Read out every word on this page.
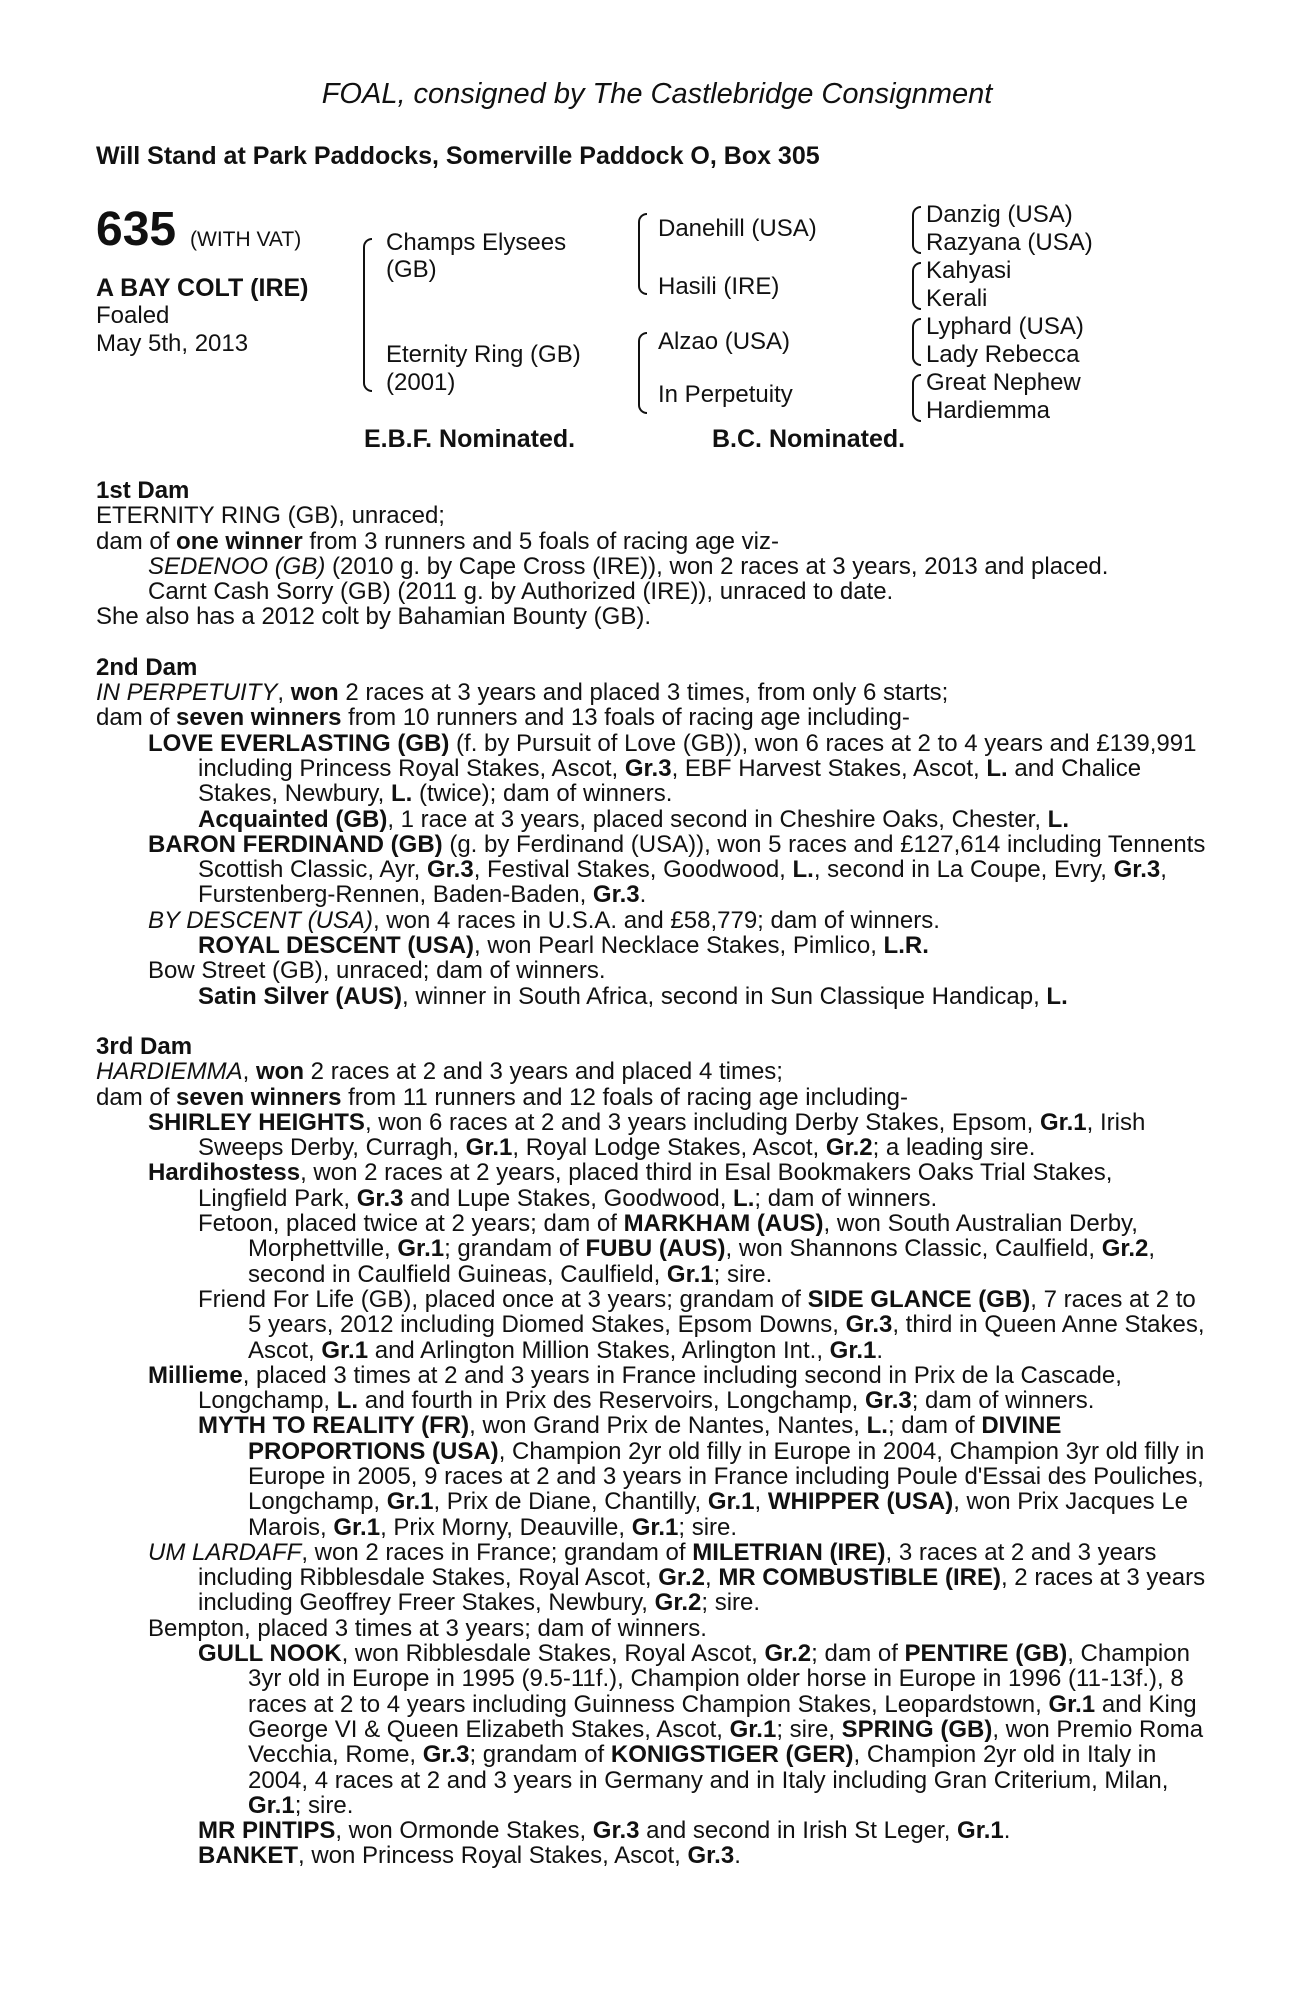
FOAL, consigned by The Castlebridge Consignment
Will Stand at Park Paddocks, Somerville Paddock O, Box 305
635 (WITH VAT)
A BAY COLT (IRE)
Foaled
May 5th, 2013
Champs Elysees
(GB)
Eternity Ring (GB)
(2001)
Danehill (USA)
Hasili (IRE)
Alzao (USA)
In Perpetuity
Danzig (USA)
Razyana (USA)
Kahyasi
Kerali
Lyphard (USA)
Lady Rebecca
Great Nephew
Hardiemma
E.B.F. Nominated.	B.C. Nominated.
1st Dam

ETERNITY RING (GB), unraced;

dam of one winner from 3 runners and 5 foals of racing age viz-

SEDENOO (GB) (2010 g. by Cape Cross (IRE)), won 2 races at 3 years, 2013 and placed.

Carnt Cash Sorry (GB) (2011 g. by Authorized (IRE)), unraced to date.

She also has a 2012 colt by Bahamian Bounty (GB).

2nd Dam

IN PERPETUITY, won 2 races at 3 years and placed 3 times, from only 6 starts;

dam of seven winners from 10 runners and 13 foals of racing age including-

LOVE EVERLASTING (GB) (f. by Pursuit of Love (GB)), won 6 races at 2 to 4 years and £139,991 including Princess Royal Stakes, Ascot, Gr.3, EBF Harvest Stakes, Ascot, L. and Chalice Stakes, Newbury, L. (twice); dam of winners.

Acquainted (GB), 1 race at 3 years, placed second in Cheshire Oaks, Chester, L.

BARON FERDINAND (GB) (g. by Ferdinand (USA)), won 5 races and £127,614 including Tennents Scottish Classic, Ayr, Gr.3, Festival Stakes, Goodwood, L., second in La Coupe, Evry, Gr.3, Furstenberg-Rennen, Baden-Baden, Gr.3.

BY DESCENT (USA), won 4 races in U.S.A. and £58,779; dam of winners.

ROYAL DESCENT (USA), won Pearl Necklace Stakes, Pimlico, L.R.

Bow Street (GB), unraced; dam of winners.

Satin Silver (AUS), winner in South Africa, second in Sun Classique Handicap, L.

3rd Dam

HARDIEMMA, won 2 races at 2 and 3 years and placed 4 times;

dam of seven winners from 11 runners and 12 foals of racing age including-

SHIRLEY HEIGHTS, won 6 races at 2 and 3 years including Derby Stakes, Epsom, Gr.1, Irish Sweeps Derby, Curragh, Gr.1, Royal Lodge Stakes, Ascot, Gr.2; a leading sire.

Hardihostess, won 2 races at 2 years, placed third in Esal Bookmakers Oaks Trial Stakes, Lingfield Park, Gr.3 and Lupe Stakes, Goodwood, L.; dam of winners.

Fetoon, placed twice at 2 years; dam of MARKHAM (AUS), won South Australian Derby, Morphettville, Gr.1; grandam of FUBU (AUS), won Shannons Classic, Caulfield, Gr.2, second in Caulfield Guineas, Caulfield, Gr.1; sire.

Friend For Life (GB), placed once at 3 years; grandam of SIDE GLANCE (GB), 7 races at 2 to 5 years, 2012 including Diomed Stakes, Epsom Downs, Gr.3, third in Queen Anne Stakes, Ascot, Gr.1 and Arlington Million Stakes, Arlington Int., Gr.1.

Millieme, placed 3 times at 2 and 3 years in France including second in Prix de la Cascade, Longchamp, L. and fourth in Prix des Reservoirs, Longchamp, Gr.3; dam of winners.

MYTH TO REALITY (FR), won Grand Prix de Nantes, Nantes, L.; dam of DIVINE PROPORTIONS (USA), Champion 2yr old filly in Europe in 2004, Champion 3yr old filly in Europe in 2005, 9 races at 2 and 3 years in France including Poule d'Essai des Pouliches, Longchamp, Gr.1, Prix de Diane, Chantilly, Gr.1, WHIPPER (USA), won Prix Jacques Le Marois, Gr.1, Prix Morny, Deauville, Gr.1; sire.

UM LARDAFF, won 2 races in France; grandam of MILETRIAN (IRE), 3 races at 2 and 3 years including Ribblesdale Stakes, Royal Ascot, Gr.2, MR COMBUSTIBLE (IRE), 2 races at 3 years including Geoffrey Freer Stakes, Newbury, Gr.2; sire.

Bempton, placed 3 times at 3 years; dam of winners.

GULL NOOK, won Ribblesdale Stakes, Royal Ascot, Gr.2; dam of PENTIRE (GB), Champion 3yr old in Europe in 1995 (9.5-11f.), Champion older horse in Europe in 1996 (11-13f.), 8 races at 2 to 4 years including Guinness Champion Stakes, Leopardstown, Gr.1 and King George VI & Queen Elizabeth Stakes, Ascot, Gr.1; sire, SPRING (GB), won Premio Roma Vecchia, Rome, Gr.3; grandam of KONIGSTIGER (GER), Champion 2yr old in Italy in 2004, 4 races at 2 and 3 years in Germany and in Italy including Gran Criterium, Milan, Gr.1; sire.

MR PINTIPS, won Ormonde Stakes, Gr.3 and second in Irish St Leger, Gr.1.

BANKET, won Princess Royal Stakes, Ascot, Gr.3.
